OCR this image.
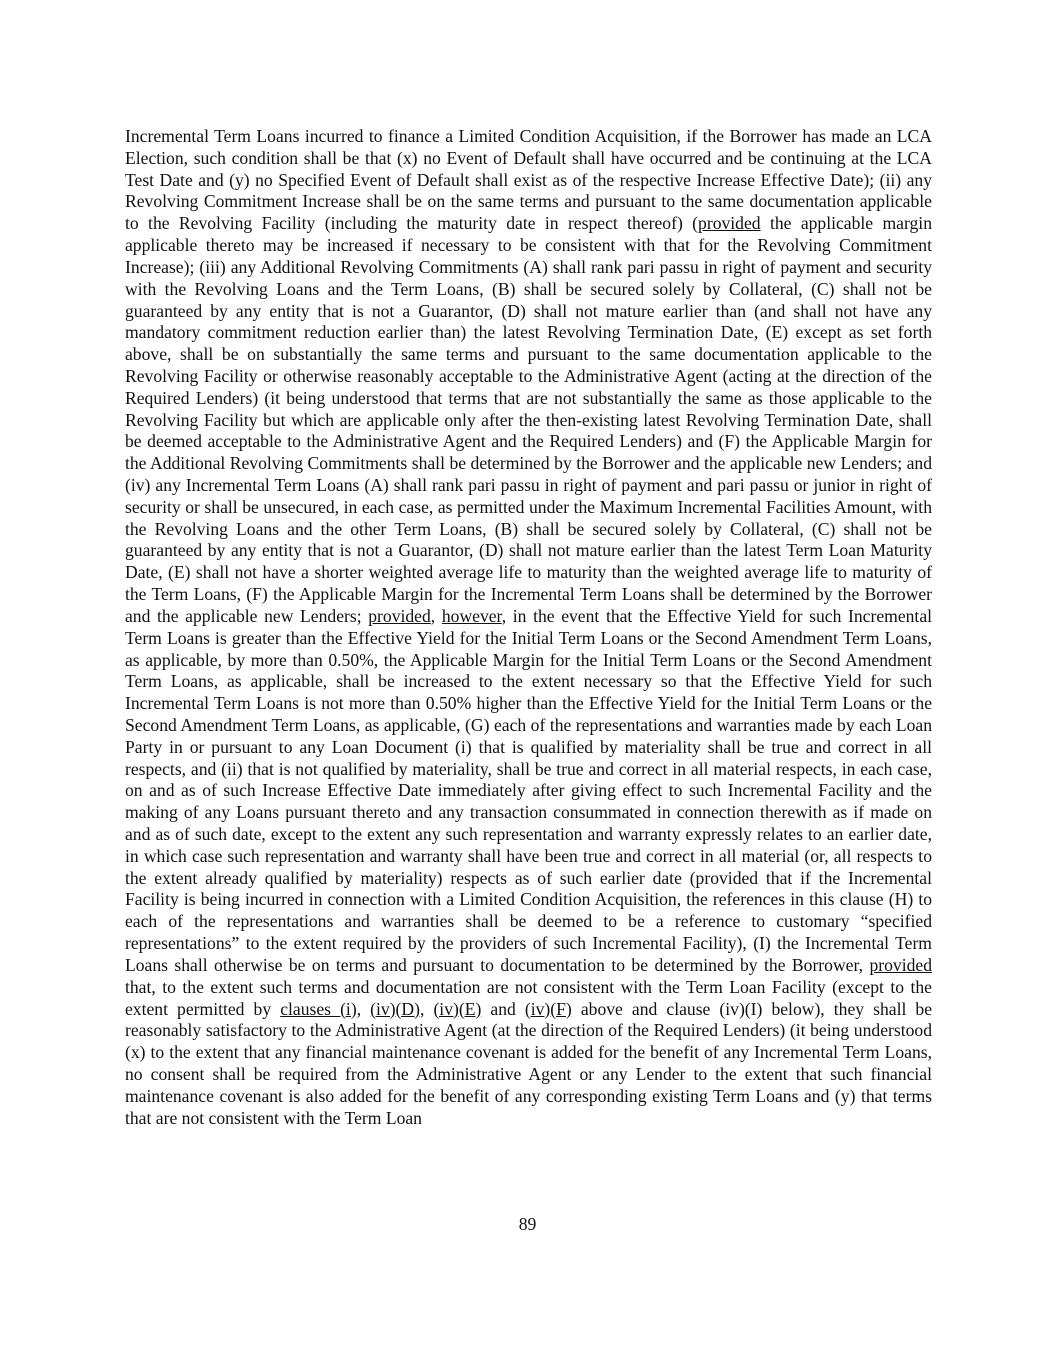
Incremental Term Loans incurred to finance a Limited Condition Acquisition, if the Borrower has made an LCA Election, such condition shall be that (x) no Event of Default shall have occurred and be continuing at the LCA Test Date and (y) no Specified Event of Default shall exist as of the respective Increase Effective Date); (ii) any Revolving Commitment Increase shall be on the same terms and pursuant to the same documentation applicable to the Revolving Facility (including the maturity date in respect thereof) (provided the applicable margin applicable thereto may be increased if necessary to be consistent with that for the Revolving Commitment Increase); (iii) any Additional Revolving Commitments (A) shall rank pari passu in right of payment and security with the Revolving Loans and the Term Loans, (B) shall be secured solely by Collateral, (C) shall not be guaranteed by any entity that is not a Guarantor, (D) shall not mature earlier than (and shall not have any mandatory commitment reduction earlier than) the latest Revolving Termination Date, (E) except as set forth above, shall be on substantially the same terms and pursuant to the same documentation applicable to the Revolving Facility or otherwise reasonably acceptable to the Administrative Agent (acting at the direction of the Required Lenders) (it being understood that terms that are not substantially the same as those applicable to the Revolving Facility but which are applicable only after the then-existing latest Revolving Termination Date, shall be deemed acceptable to the Administrative Agent and the Required Lenders) and (F) the Applicable Margin for the Additional Revolving Commitments shall be determined by the Borrower and the applicable new Lenders; and (iv) any Incremental Term Loans (A) shall rank pari passu in right of payment and pari passu or junior in right of security or shall be unsecured, in each case, as permitted under the Maximum Incremental Facilities Amount, with the Revolving Loans and the other Term Loans, (B) shall be secured solely by Collateral, (C) shall not be guaranteed by any entity that is not a Guarantor, (D) shall not mature earlier than the latest Term Loan Maturity Date, (E) shall not have a shorter weighted average life to maturity than the weighted average life to maturity of the Term Loans, (F) the Applicable Margin for the Incremental Term Loans shall be determined by the Borrower and the applicable new Lenders; provided, however, in the event that the Effective Yield for such Incremental Term Loans is greater than the Effective Yield for the Initial Term Loans or the Second Amendment Term Loans, as applicable, by more than 0.50%, the Applicable Margin for the Initial Term Loans or the Second Amendment Term Loans, as applicable, shall be increased to the extent necessary so that the Effective Yield for such Incremental Term Loans is not more than 0.50% higher than the Effective Yield for the Initial Term Loans or the Second Amendment Term Loans, as applicable, (G) each of the representations and warranties made by each Loan Party in or pursuant to any Loan Document (i) that is qualified by materiality shall be true and correct in all respects, and (ii) that is not qualified by materiality, shall be true and correct in all material respects, in each case, on and as of such Increase Effective Date immediately after giving effect to such Incremental Facility and the making of any Loans pursuant thereto and any transaction consummated in connection therewith as if made on and as of such date, except to the extent any such representation and warranty expressly relates to an earlier date, in which case such representation and warranty shall have been true and correct in all material (or, all respects to the extent already qualified by materiality) respects as of such earlier date (provided that if the Incremental Facility is being incurred in connection with a Limited Condition Acquisition, the references in this clause (H) to each of the representations and warranties shall be deemed to be a reference to customary “specified representations” to the extent required by the providers of such Incremental Facility), (I) the Incremental Term Loans shall otherwise be on terms and pursuant to documentation to be determined by the Borrower, provided that, to the extent such terms and documentation are not consistent with the Term Loan Facility (except to the extent permitted by clauses (i), (iv)(D), (iv)(E) and (iv)(F) above and clause (iv)(I) below), they shall be reasonably satisfactory to the Administrative Agent (at the direction of the Required Lenders) (it being understood (x) to the extent that any financial maintenance covenant is added for the benefit of any Incremental Term Loans, no consent shall be required from the Administrative Agent or any Lender to the extent that such financial maintenance covenant is also added for the benefit of any corresponding existing Term Loans and (y) that terms that are not consistent with the Term Loan

89
